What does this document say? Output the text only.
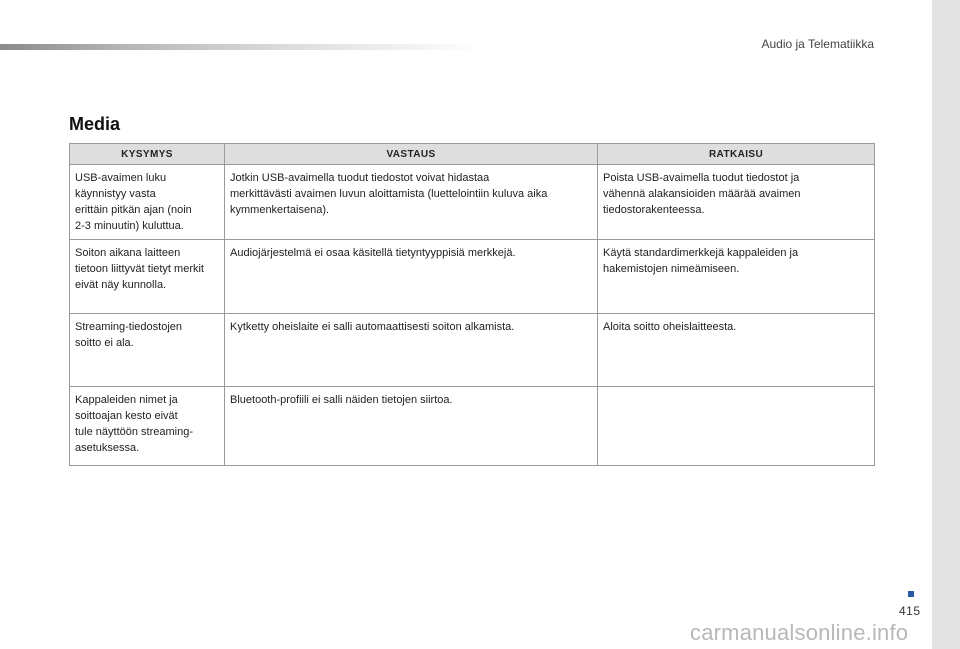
Audio ja Telematiikka
415
Media
KYSYMYS	VASTAUS	RATKAISU
USB-avaimen luku
käynnistyy vasta
erittäin pitkän ajan (noin
2-3 minuutin) kuluttua.	Jotkin USB-avaimella tuodut tiedostot voivat hidastaa
merkittävästi avaimen luvun aloittamista (luettelointiin kuluva aika
kymmenkertaisena).	Poista USB-avaimella tuodut tiedostot ja
vähennä alakansioiden määrää avaimen
tiedostorakenteessa.
Soiton aikana laitteen
tietoon liittyvät tietyt merkit
eivät näy kunnolla.	Audiojärjestelmä ei osaa käsitellä tietyntyyppisiä merkkejä.	Käytä standardimerkkejä kappaleiden ja
hakemistojen nimeämiseen.
Streaming-tiedostojen
soitto ei ala.	Kytketty oheislaite ei salli automaattisesti soiton alkamista.	Aloita soitto oheislaitteesta.
Kappaleiden nimet ja
soittoajan kesto eivät
tule näyttöön streaming-
asetuksessa.	Bluetooth-profiili ei salli näiden tietojen siirtoa.	
carmanualsonline.info
